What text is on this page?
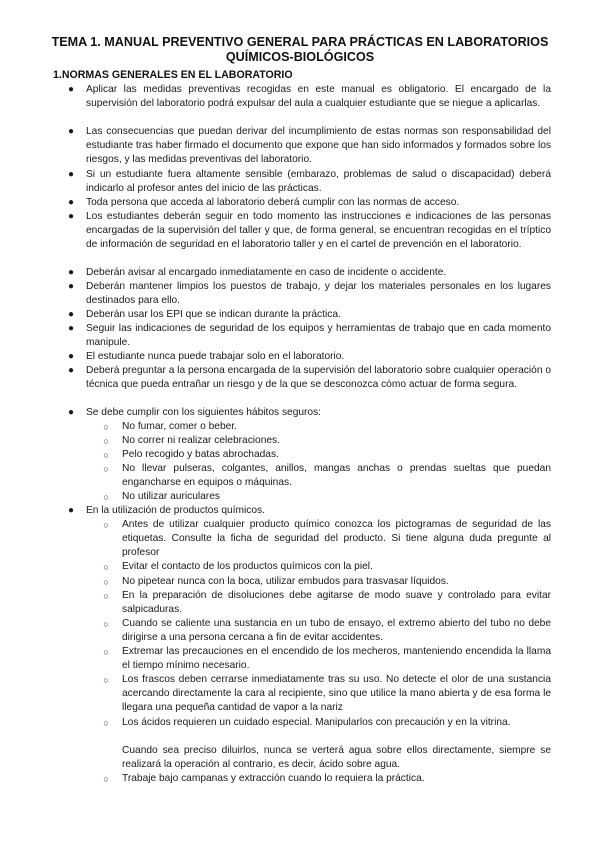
TEMA 1. MANUAL PREVENTIVO GENERAL PARA PRÁCTICAS EN LABORATORIOS QUÍMICOS-BIOLÓGICOS
1.NORMAS GENERALES EN EL LABORATORIO
● Aplicar las medidas preventivas recogidas en este manual es obligatorio. El encargado de la supervisión del laboratorio podrá expulsar del aula a cualquier estudiante que se niegue a aplicarlas.
● Las consecuencias que puedan derivar del incumplimiento de estas normas son responsabilidad del estudiante tras haber firmado el documento que expone que han sido informados y formados sobre los riesgos, y las medidas preventivas del laboratorio.
● Si un estudiante fuera altamente sensible (embarazo, problemas de salud o discapacidad) deberá indicarlo al profesor antes del inicio de las prácticas.
● Toda persona que acceda al laboratorio deberá cumplir con las normas de acceso.
● Los estudiantes deberán seguir en todo momento las instrucciones e indicaciones de las personas encargadas de la supervisión del taller y que, de forma general, se encuentran recogidas en el tríptico de información de seguridad en el laboratorio taller y en el cartel de prevención en el laboratorio.
● Deberán avisar al encargado inmediatamente en caso de incidente o accidente.
● Deberán mantener limpios los puestos de trabajo, y dejar los materiales personales en los lugares destinados para ello.
● Deberán usar los EPI que se indican durante la práctica.
● Seguir las indicaciones de seguridad de los equipos y herramientas de trabajo que en cada momento manipule.
● El estudiante nunca puede trabajar solo en el laboratorio.
● Deberá preguntar a la persona encargada de la supervisión del laboratorio sobre cualquier operación o técnica que pueda entrañar un riesgo y de la que se desconozca cómo actuar de forma segura.
● Se debe cumplir con los siguientes hábitos seguros:
○ No fumar, comer o beber.
○ No correr ni realizar celebraciones.
○ Pelo recogido y batas abrochadas.
○ No llevar pulseras, colgantes, anillos, mangas anchas o prendas sueltas que puedan engancharse en equipos o máquinas.
○ No utilizar auriculares
● En la utilización de productos químicos.
○ Antes de utilizar cualquier producto químico conozca los pictogramas de seguridad de las etiquetas. Consulte la ficha de seguridad del producto. Si tiene alguna duda pregunte al profesor
○ Evitar el contacto de los productos químicos con la piel.
○ No pipetear nunca con la boca, utilizar embudos para trasvasar líquidos.
○ En la preparación de disoluciones debe agitarse de modo suave y controlado para evitar salpicaduras.
○ Cuando se caliente una sustancia en un tubo de ensayo, el extremo abierto del tubo no debe dirigirse a una persona cercana a fin de evitar accidentes.
○ Extremar las precauciones en el encendido de los mecheros, manteniendo encendida la llama el tiempo mínimo necesario.
○ Los frascos deben cerrarse inmediatamente tras su uso. No detecte el olor de una sustancia acercando directamente la cara al recipiente, sino que utilice la mano abierta y de esa forma le llegara una pequeña cantidad de vapor a la nariz
○ Los ácidos requieren un cuidado especial. Manipularlos con precaución y en la vitrina.
Cuando sea preciso diluirlos, nunca se verterá agua sobre ellos directamente, siempre se realizará la operación al contrario, es decir, ácido sobre agua.
○ Trabaje bajo campanas y extracción cuando lo requiera la práctica.
